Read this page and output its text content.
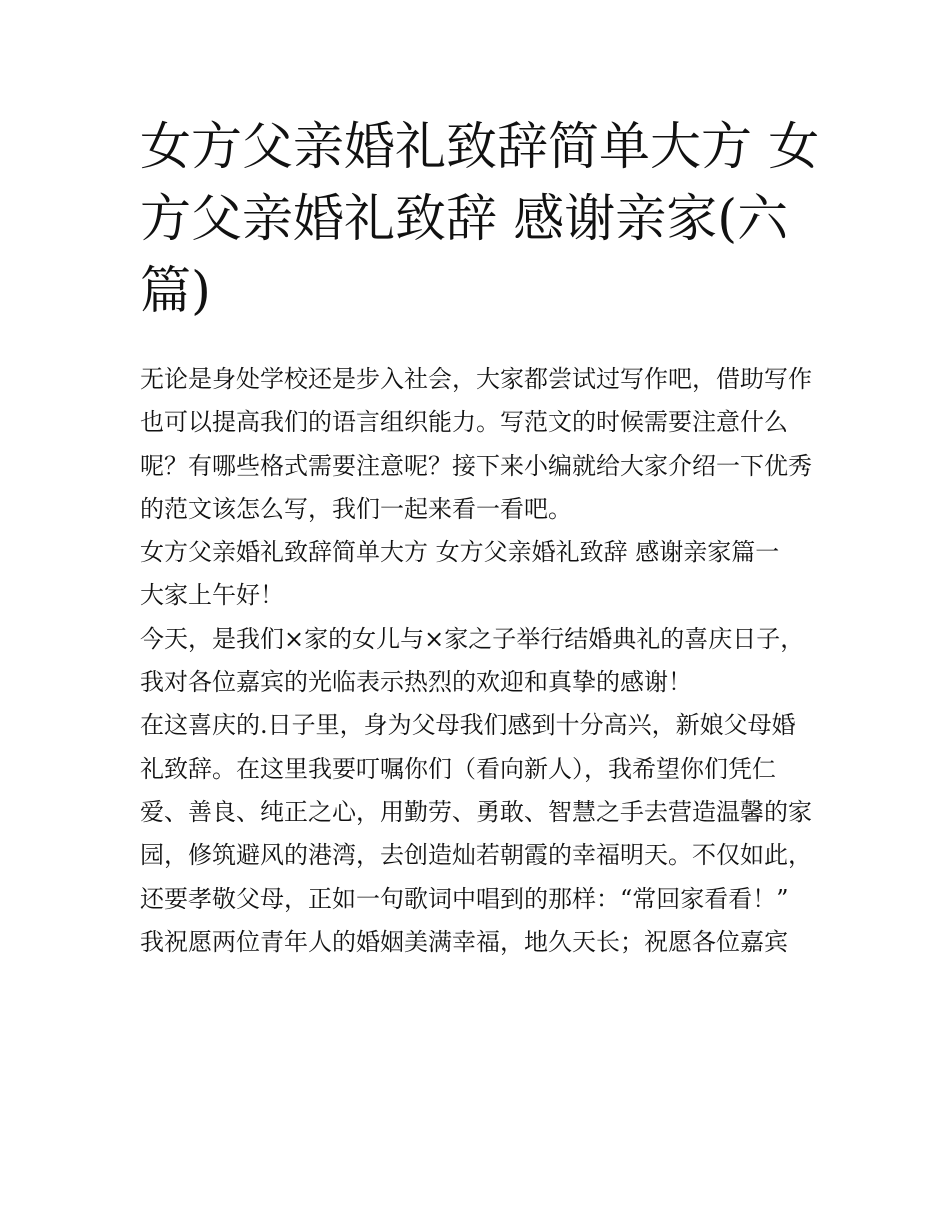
女方父亲婚礼致辞简单大方 女方父亲婚礼致辞 感谢亲家(六篇)

无论是身处学校还是步入社会，大家都尝试过写作吧，借助写作也可以提高我们的语言组织能力。写范文的时候需要注意什么呢？有哪些格式需要注意呢？接下来小编就给大家介绍一下优秀的范文该怎么写，我们一起来看一看吧。

女方父亲婚礼致辞简单大方 女方父亲婚礼致辞 感谢亲家篇一

大家上午好！

今天，是我们×家的女儿与×家之子举行结婚典礼的喜庆日子，我对各位嘉宾的光临表示热烈的欢迎和真挚的感谢！

在这喜庆的.日子里，身为父母我们感到十分高兴，新娘父母婚礼致辞。在这里我要叮嘱你们（看向新人），我希望你们凭仁爱、善良、纯正之心，用勤劳、勇敢、智慧之手去营造温馨的家园，修筑避风的港湾，去创造灿若朝霞的幸福明天。不仅如此，还要孝敬父母，正如一句歌词中唱到的那样：“常回家看看！”

我祝愿两位青年人的婚姻美满幸福，地久天长；祝愿各位嘉宾
